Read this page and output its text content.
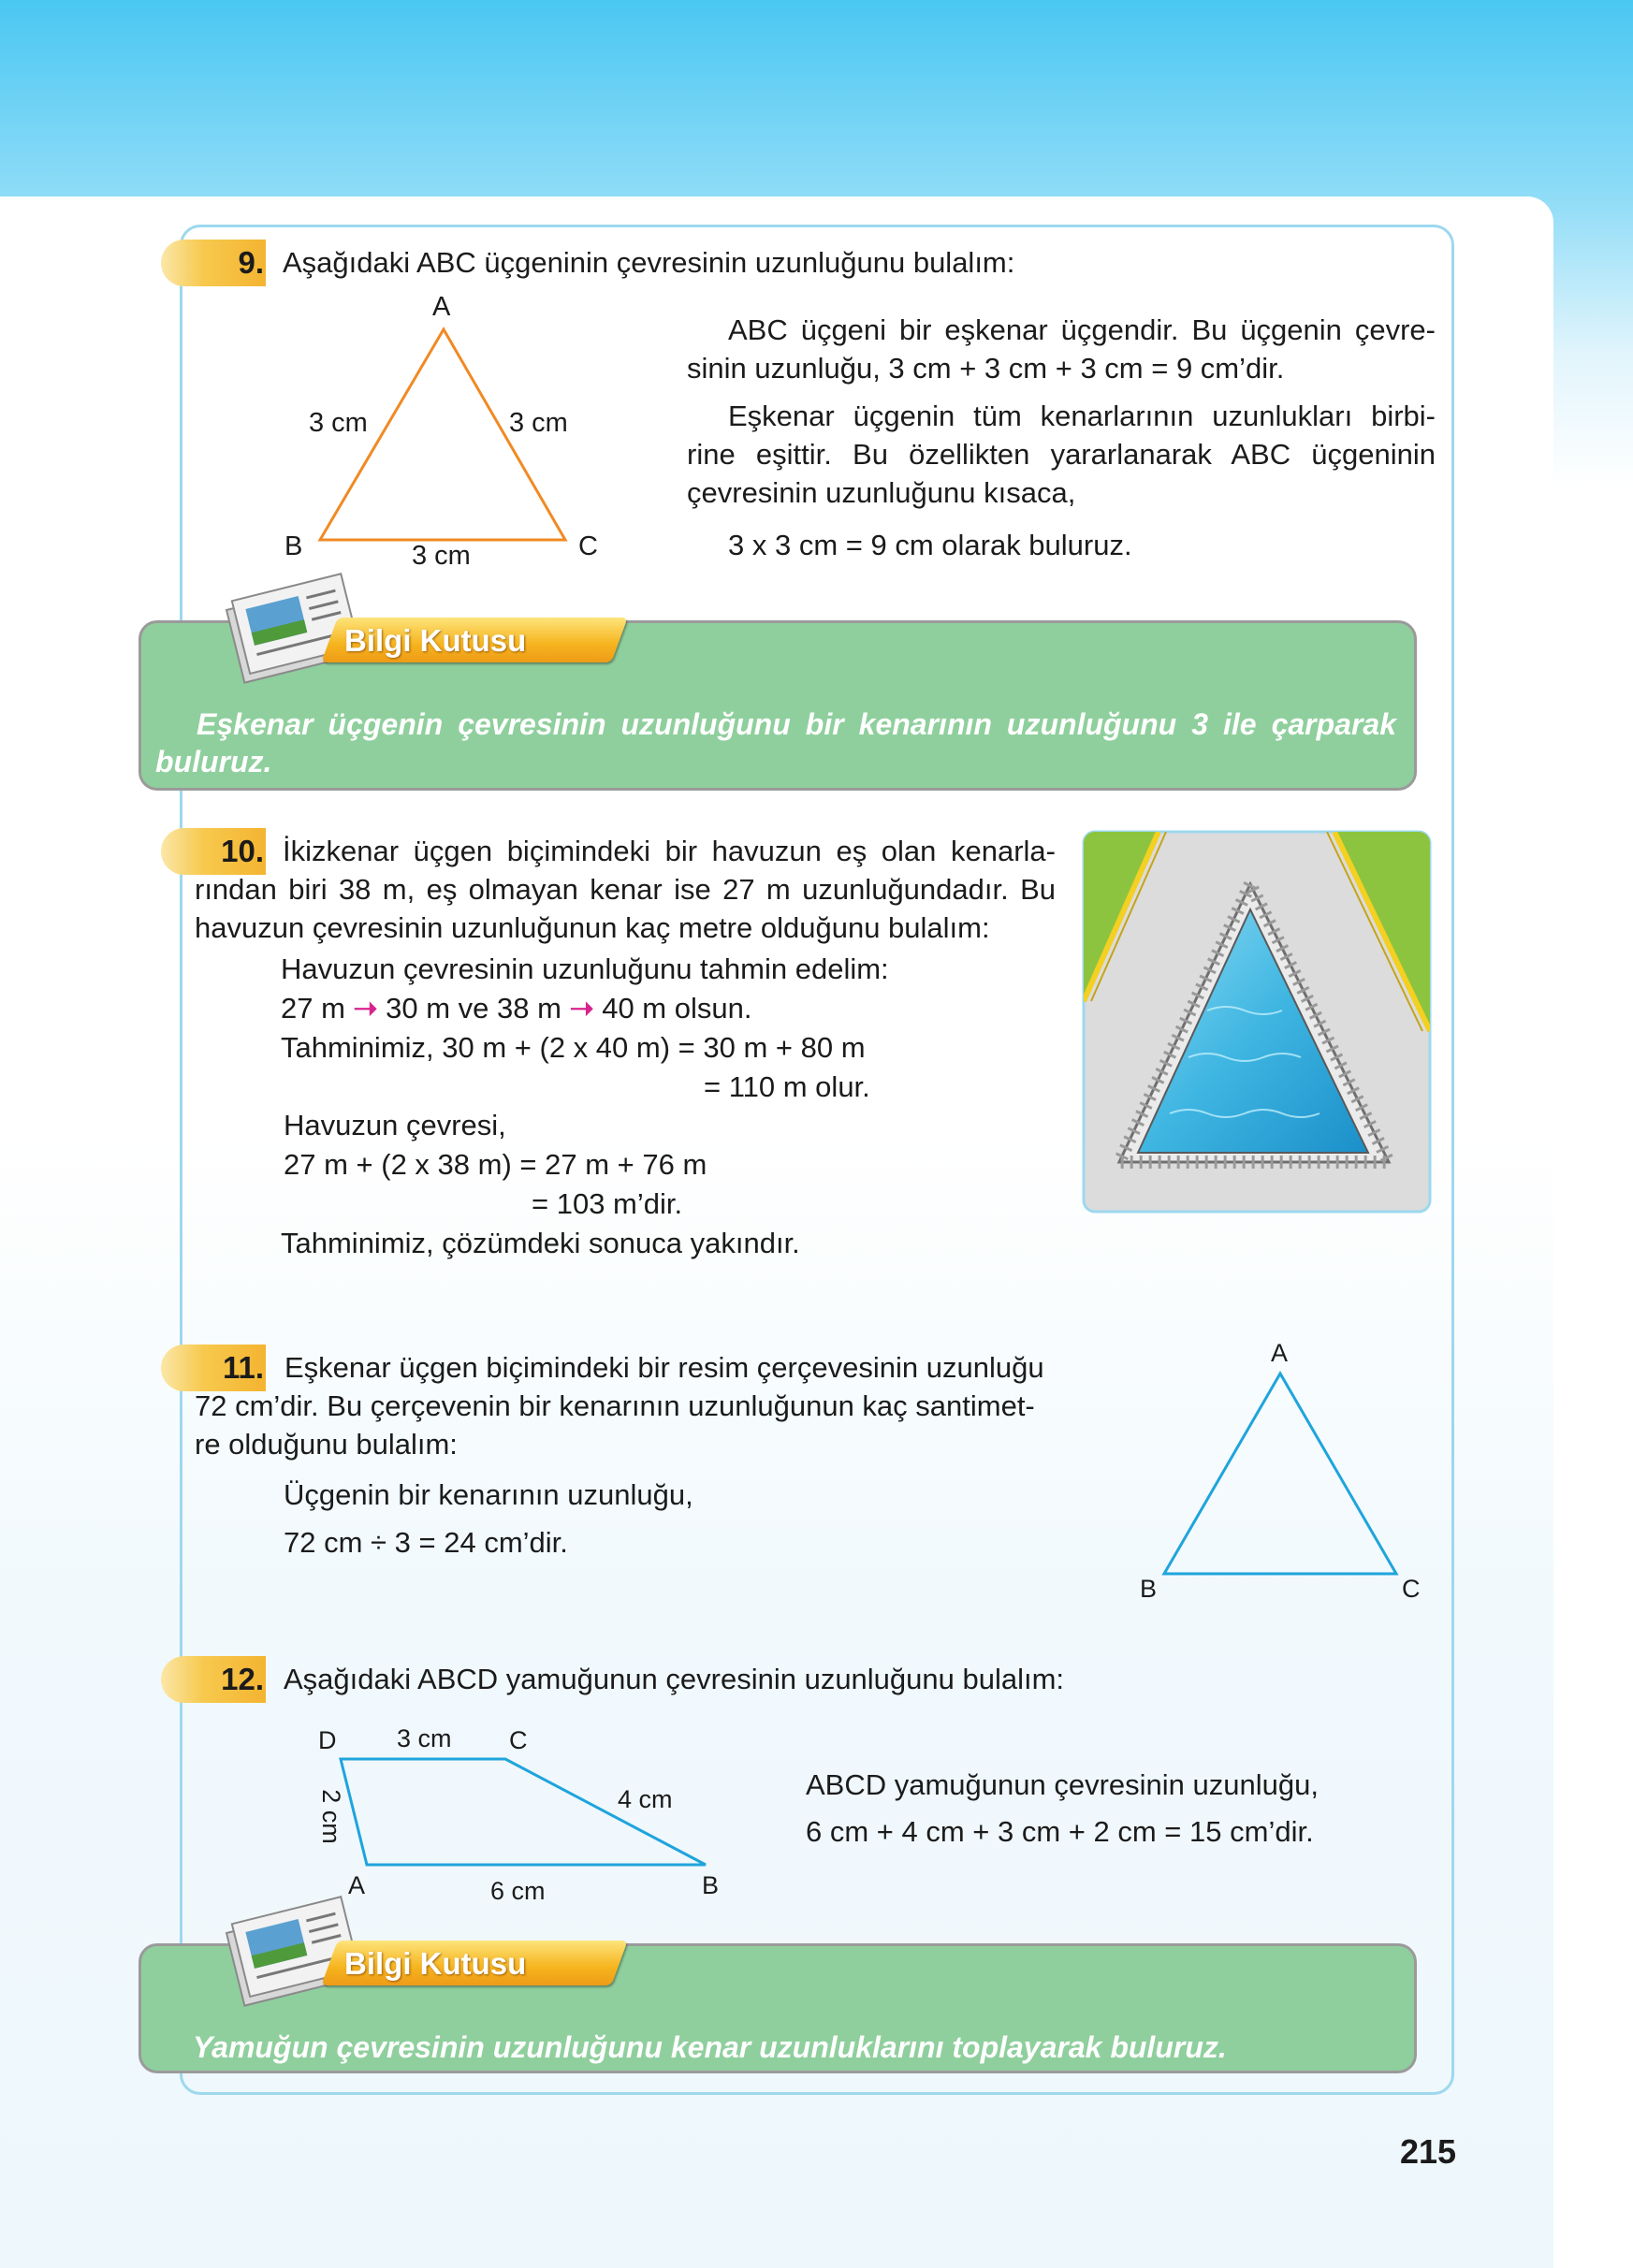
9. Aşağıdaki ABC üçgeninin çevresinin uzunluğunu bulalım:
A
B	C
3 cm	3 cm
3 cm
ABC üçgeni bir eşkenar üçgendir. Bu üçgenin çevre-
sinin uzunluğu, 3 cm + 3 cm + 3 cm = 9 cm’dir.
Eşkenar üçgenin tüm kenarlarının uzunlukları birbi-
rine eşittir. Bu özellikten yararlanarak ABC üçgeninin
çevresinin uzunluğunu kısaca,
3 x 3 cm = 9 cm olarak buluruz.
Bilgi Kutusu
Eşkenar üçgenin çevresinin uzunluğunu bir kenarının uzunluğunu 3 ile çarparak
buluruz.
10. İkizkenar üçgen biçimindeki bir havuzun eş olan kenarla-
rından biri 38 m, eş olmayan kenar ise 27 m uzunluğundadır. Bu
havuzun çevresinin uzunluğunun kaç metre olduğunu bulalım:
Havuzun çevresinin uzunluğunu tahmin edelim:
27 m ➝ 30 m ve 38 m ➝ 40 m olsun.
Tahminimiz, 30 m + (2 x 40 m) = 30 m + 80 m
= 110 m olur.
Havuzun çevresi,
27 m + (2 x 38 m) = 27 m + 76 m
= 103 m’dir.
Tahminimiz, çözümdeki sonuca yakındır.
11. Eşkenar üçgen biçimindeki bir resim çerçevesinin uzunluğu
72 cm’dir. Bu çerçevenin bir kenarının uzunluğunun kaç santimet-
re olduğunu bulalım:
Üçgenin bir kenarının uzunluğu,
72 cm ÷ 3 = 24 cm’dir.
A
B	C
12. Aşağıdaki ABCD yamuğunun çevresinin uzunluğunu bulalım:
D	C
A	B
3 cm
4 cm
6 cm
2 cm
ABCD yamuğunun çevresinin uzunluğu,
6 cm + 4 cm + 3 cm + 2 cm = 15 cm’dir.
Bilgi Kutusu
Yamuğun çevresinin uzunluğunu kenar uzunluklarını toplayarak buluruz.
215
